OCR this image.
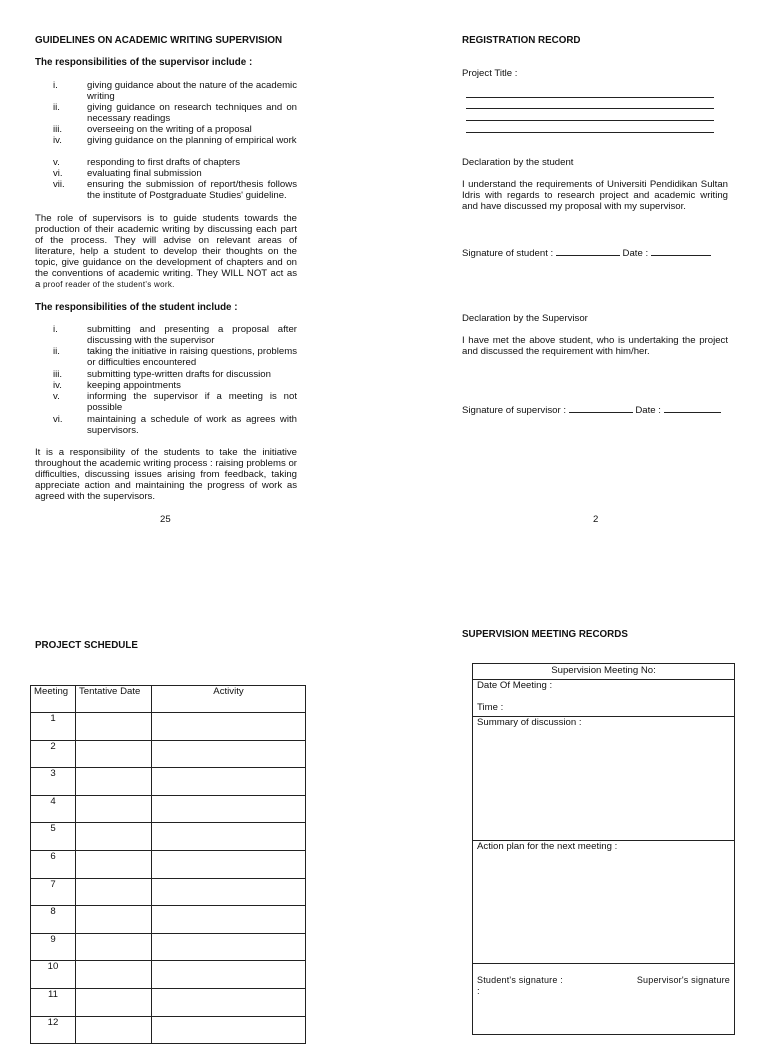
GUIDELINES ON ACADEMIC WRITING SUPERVISION
The responsibilities of the supervisor include :
i.	giving guidance about the nature of the academic writing
ii.	giving guidance on research techniques and on necessary readings
iii.	overseeing on the writing of a proposal
iv.	giving guidance on the planning of empirical work
v.	responding to first drafts of chapters
vi.	evaluating final submission
vii. ensuring the submission of report/thesis follows the institute of Postgraduate Studies' guideline.
The role of supervisors is to guide students towards the production of their academic writing by discussing each part of the process. They will advise on relevant areas of literature, help a student to develop their thoughts on the topic, give guidance on the development of chapters and on the conventions of academic writing. They WILL NOT act as a proof reader of the student's work.
The responsibilities of the student include :
i.	submitting and presenting a proposal after discussing with the supervisor
ii.	taking the initiative in raising questions, problems or difficulties encountered
iii.	submitting type-written drafts for discussion
iv.	keeping appointments
v.	informing the supervisor if a meeting is not possible
vi.	maintaining a schedule of work as agrees with supervisors.
It is a responsibility of the students to take the initiative throughout the academic writing process : raising problems or difficulties, discussing issues arising from feedback, taking appreciate action and maintaining the progress of work as agreed with the supervisors.
25
REGISTRATION RECORD
Project Title :
Declaration by the student
I understand the requirements of Universiti Pendidikan Sultan Idris with regards to research project and academic writing and have discussed my proposal with my supervisor.
Signature of student :	Date :
Declaration by the Supervisor
I have met the above student, who is undertaking the project and discussed the requirement with him/her.
Signature of supervisor :	Date :
2
PROJECT SCHEDULE
Meeting	Tentative Date	Activity
1		
2		
3		
4		
5		
6		
7		
8		
9		
10		
11		
12		
SUPERVISION MEETING RECORDS
Supervision Meeting No:
Date Of Meeting :
Time :
Summary of discussion :
Action plan for the next meeting :
Student's signature :	Supervisor's signature
:
